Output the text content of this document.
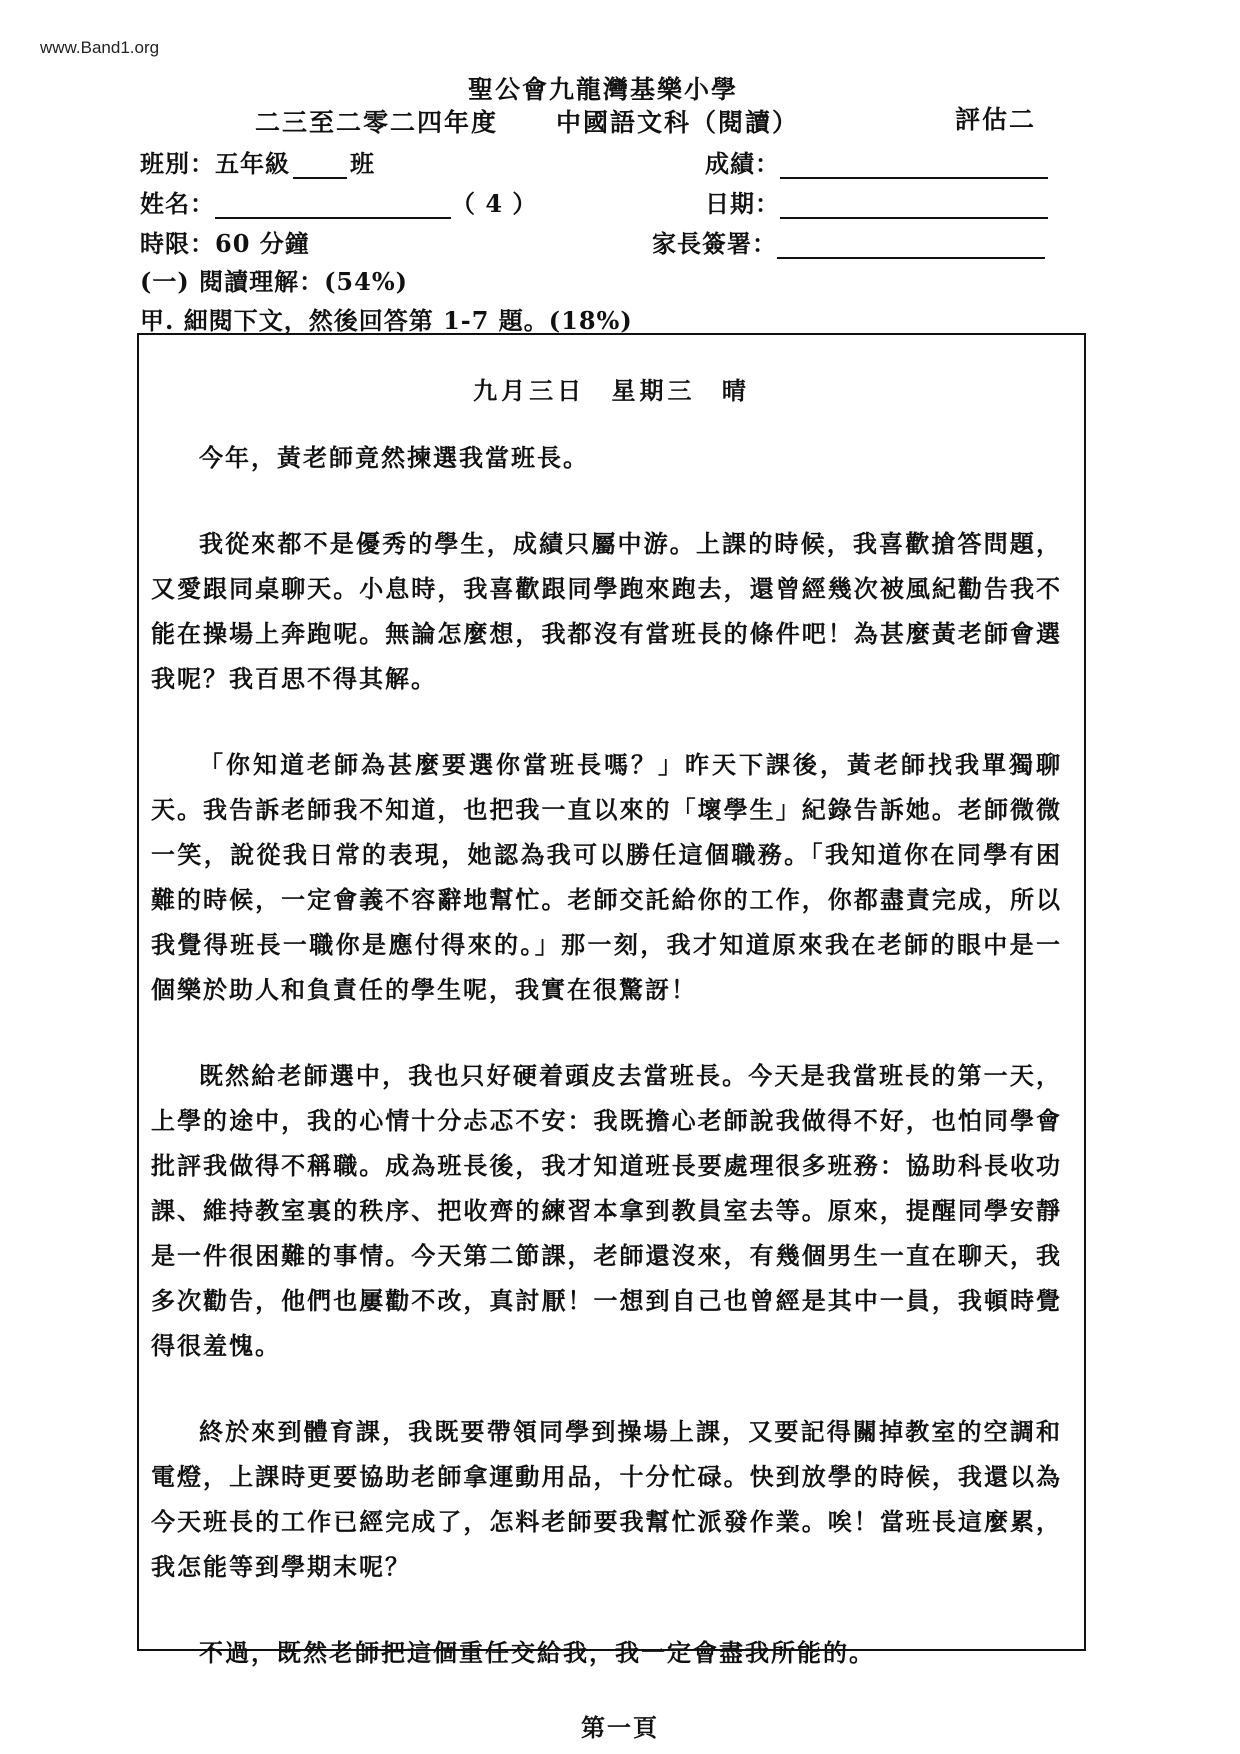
www.Band1.org
聖公會九龍灣基樂小學
二三至二零二四年度 中國語文科（閱讀）	評估二
班別：五年級	班	成績：
姓名：	（ 4 ）	日期：
時限：60 分鐘	家長簽署：
(一) 閱讀理解：(54%)
甲. 細閱下文，然後回答第 1-7 題。(18%)
九月三日 星期三 晴

今年，黃老師竟然揀選我當班長。

我從來都不是優秀的學生，成績只屬中游。上課的時候，我喜歡搶答問題，又愛跟同桌聊天。小息時，我喜歡跟同學跑來跑去，還曾經幾次被風紀勸告我不能在操場上奔跑呢。無論怎麼想，我都沒有當班長的條件吧！為甚麼黃老師會選我呢？我百思不得其解。

「你知道老師為甚麼要選你當班長嗎？」昨天下課後，黃老師找我單獨聊天。我告訴老師我不知道，也把我一直以來的「壞學生」紀錄告訴她。老師微微一笑，說從我日常的表現，她認為我可以勝任這個職務。「我知道你在同學有困難的時候，一定會義不容辭地幫忙。老師交託給你的工作，你都盡責完成，所以我覺得班長一職你是應付得來的。」那一刻，我才知道原來我在老師的眼中是一個樂於助人和負責任的學生呢，我實在很驚訝！

既然給老師選中，我也只好硬着頭皮去當班長。今天是我當班長的第一天，上學的途中，我的心情十分忐忑不安：我既擔心老師說我做得不好，也怕同學會批評我做得不稱職。成為班長後，我才知道班長要處理很多班務：協助科長收功課、維持教室裏的秩序、把收齊的練習本拿到教員室去等。原來，提醒同學安靜是一件很困難的事情。今天第二節課，老師還沒來，有幾個男生一直在聊天，我多次勸告，他們也屢勸不改，真討厭！一想到自己也曾經是其中一員，我頓時覺得很羞愧。

終於來到體育課，我既要帶領同學到操場上課，又要記得關掉教室的空調和電燈，上課時更要協助老師拿運動用品，十分忙碌。快到放學的時候，我還以為今天班長的工作已經完成了，怎料老師要我幫忙派發作業。唉！當班長這麼累，我怎能等到學期末呢？

不過，既然老師把這個重任交給我，我一定會盡我所能的。

第一頁
